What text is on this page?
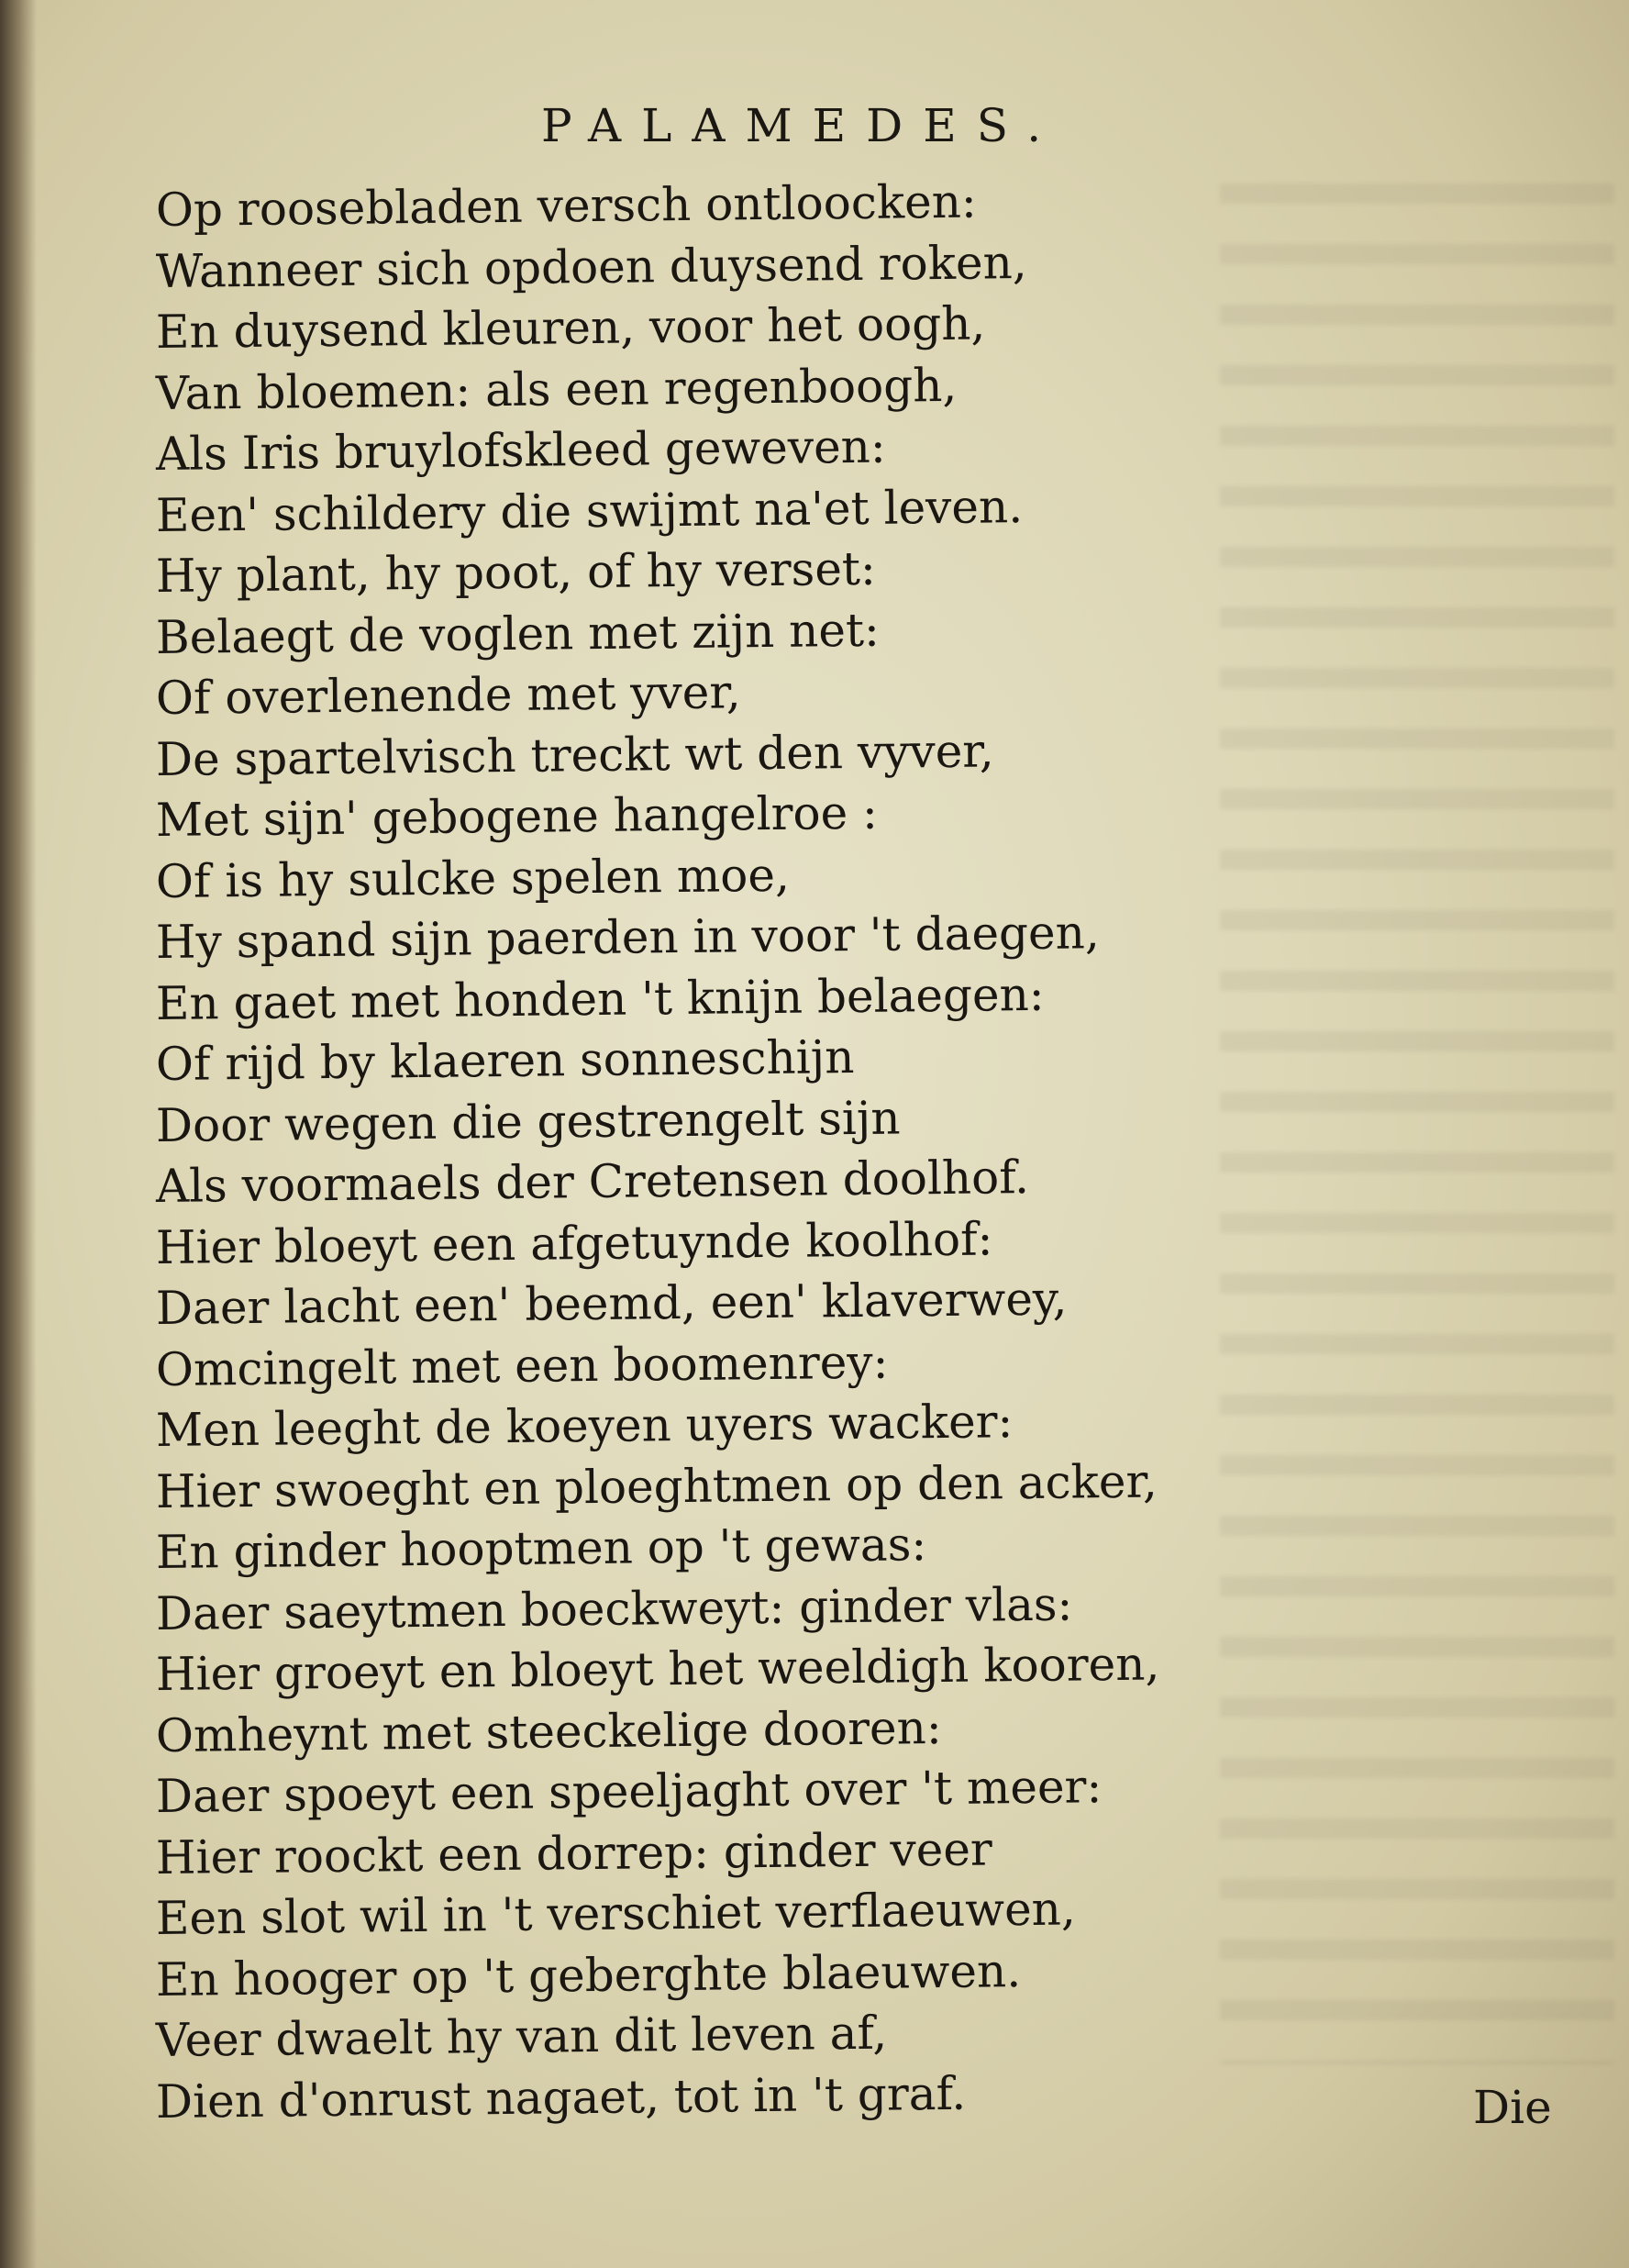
PALAMEDES.
Op roosebladen versch ontloocken:
Wanneer sich opdoen duysend roken,
En duysend kleuren, voor het oogh,
Van bloemen: als een regenboogh,
Als Iris bruylofskleed geweven:
Een' schildery die swijmt na'et leven.
Hy plant, hy poot, of hy verset:
Belaegt de voglen met zijn net:
Of overlenende met yver,
De spartelvisch treckt wt den vyver,
Met sijn' gebogene hangelroe :
Of is hy sulcke spelen moe,
Hy spand sijn paerden in voor 't daegen,
En gaet met honden 't knijn belaegen:
Of rijd by klaeren sonneschijn
Door wegen die gestrengelt sijn
Als voormaels der Cretensen doolhof.
Hier bloeyt een afgetuynde koolhof:
Daer lacht een' beemd, een' klaverwey,
Omcingelt met een boomenrey:
Men leeght de koeyen uyers wacker:
Hier swoeght en ploeghtmen op den acker,
En ginder hooptmen op 't gewas:
Daer saeytmen boeckweyt: ginder vlas:
Hier groeyt en bloeyt het weeldigh kooren,
Omheynt met steeckelige dooren:
Daer spoeyt een speeljaght over 't meer:
Hier roockt een dorrep: ginder veer
Een slot wil in 't verschiet verflaeuwen,
En hooger op 't geberghte blaeuwen.
Veer dwaelt hy van dit leven af,
Dien d'onrust nagaet, tot in 't graf.	Die
